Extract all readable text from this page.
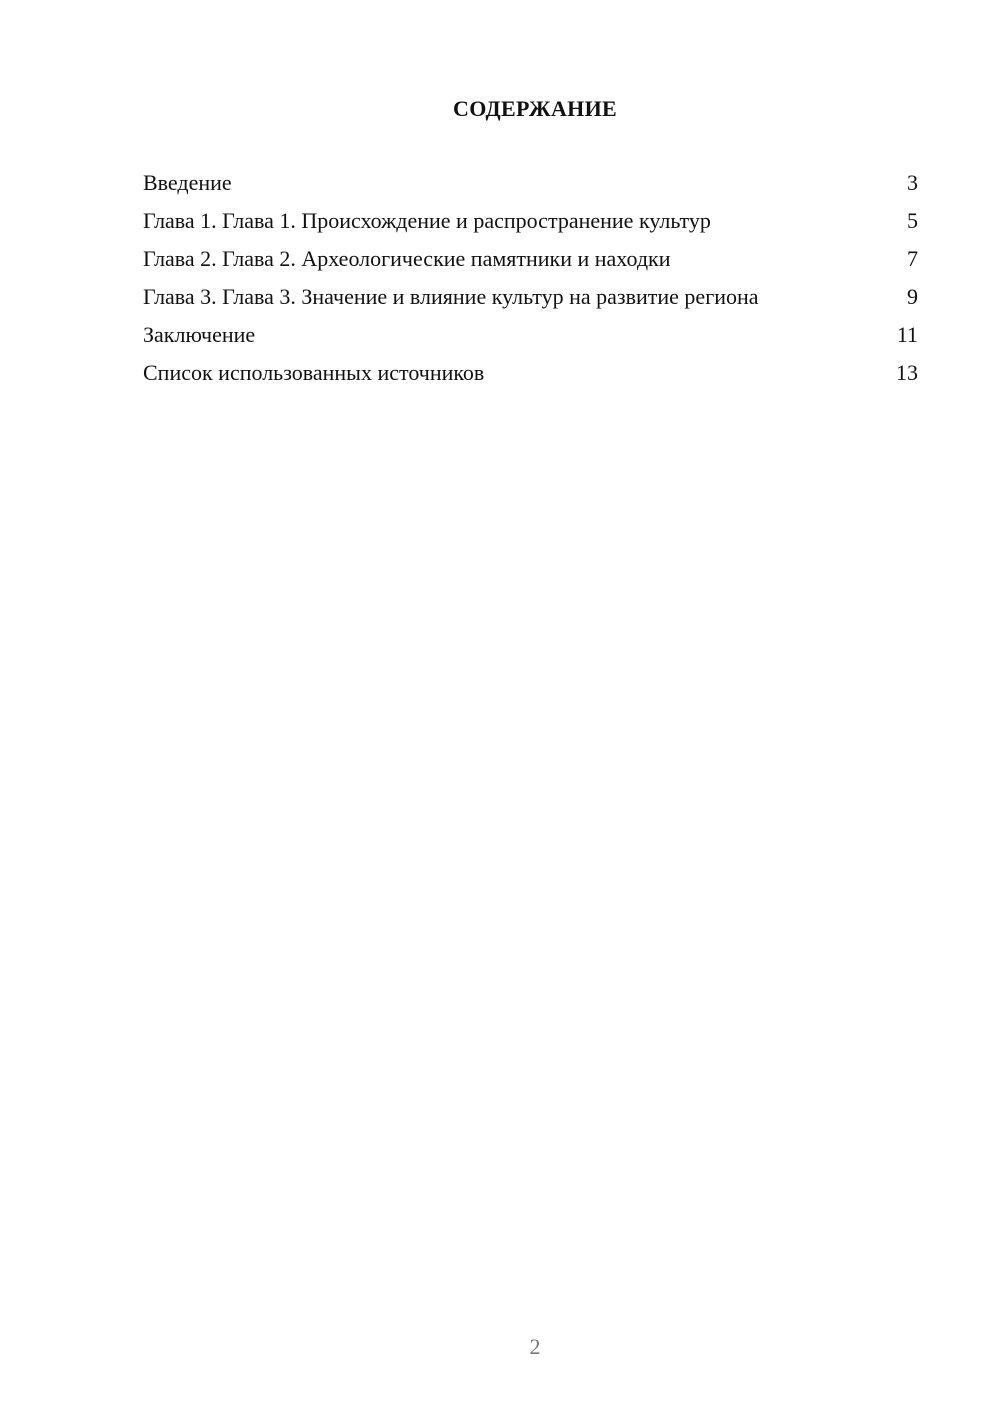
СОДЕРЖАНИЕ
Введение	3
Глава 1. Глава 1. Происхождение и распространение культур	5
Глава 2. Глава 2. Археологические памятники и находки	7
Глава 3. Глава 3. Значение и влияние культур на развитие региона	9
Заключение	11
Список использованных источников	13
2
